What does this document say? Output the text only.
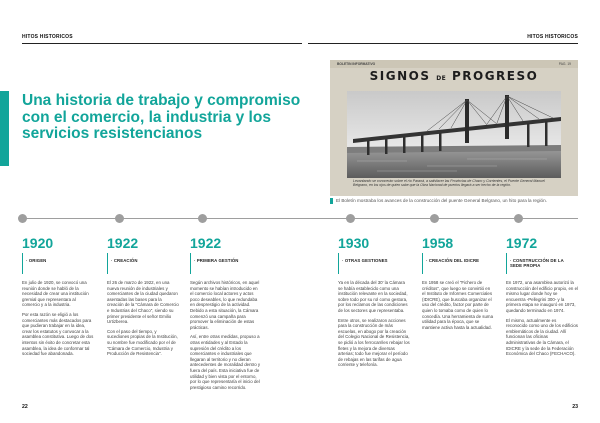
HITOS HISTORICOS	HITOS HISTORICOS
Una historia de trabajo y compromiso con el comercio, la industria y los servicios resistencianos
BOLETIN INFORMATIVO	PAG. 19
SIGNOS DE PROGRESO
Levantando se conocerán sobre el río Paraná, a satisfacer las Provincias de Chaco y Corrientes, el Puente General Manuel Belgrano, en los ojos de quien sabe que la Obra Nacional de puertos llegará a ser hecho de la región.
El Boletín mostraba los avances de la construcción del puente General Belgrano, un hito para la región.
1920
· ORIGEN

En julio de 1920, se convocó una reunión donde se habló de la necesidad de crear una institución gremial que representara al comercio y a la industria.

Por esta razón se eligió a los comerciantes más destacados para que pudieran trabajar en la idea, crear los estatutos y convocar a la asamblea constitutiva. Luego de dos intentos sin éxito de concretar esta asamblea, la idea de conformar tal sociedad fue abandonada.

1922
· CREACIÓN

El 26 de marzo de 1922, en una nueva reunión de industriales y comerciantes de la ciudad quedaron asentadas las bases para la creación de la "Cámara de Comercio e Industrias del Chaco", siendo su primer presidente el señor Emilio Urtizberea.

Con el paso del tiempo, y sucediones propias de la Institución, su nombre fue modificado por el de "Cámara de Comercio, Industria y Producción de Resistencia".

1922
· PRIMERA GESTIÓN

Según archivos históricos, en aquel momento se habían introducido en el comercio local actores y actos poco deseables, lo que redundaba en desprestigio de la actividad. Debido a esta situación, la Cámara comenzó una campaña para promover la eliminación de estas prácticas.

Así, entre otras medidas, propuso a otras entidades y al Estado la supresión del crédito a los comerciantes e industriales que llegaran al territorio y no dieran antecedentes de moralidad dentro y fuera del país. Esta iniciativa fue de utilidad y bien vista por el entorno, por lo que representaría el inicio del prestigioso camino recorrido.

1930
· OTRAS GESTIONES

Ya en la década del 30' la Cámara se había establecido como una institución relevante en la sociedad, sobre todo por su rol como gestora, por los reclamos de las condiciones de los sectores que representaba.

Entre otros, se realizaron acciones para la construcción de más escuelas, en abogo por la creación del Colegio Nacional de Resistencia, se pidió a los ferrocarriles rebajar los fletes y la mejora de diversas arterias; todo fue mejorar el período de rebajas en las tarifas de agua corriente y telefonía.

1958
· CREACIÓN DEL IDICRE

En 1958 se creó el "Fichero de créditos", que luego se convirtió en el Instituto de Informes Comerciales (IDICRE), que buscaba organizar el uso del crédito, factor por parte de quien lo tomaba como de quien lo concedía. Una herramienta de suma utilidad para la época, que se mantiene activa hasta la actualidad.

1972
· CONSTRUCCIÓN DE LA SEDE PROPIA

En 1972, una asamblea autorizó la construcción del edificio propio, en el mismo lugar donde hoy se encuentra -Pellegrini 300- y la primera etapa se inauguró en 1973, quedando terminado en 1974.

El mismo, actualmente es reconocido como uno de los edificios emblemáticos de la ciudad. Allí funcionan las oficinas administrativas de la Cámara, el IDICRE y la sede de la Federación Económica del Chaco (FECHACO).

22	23
